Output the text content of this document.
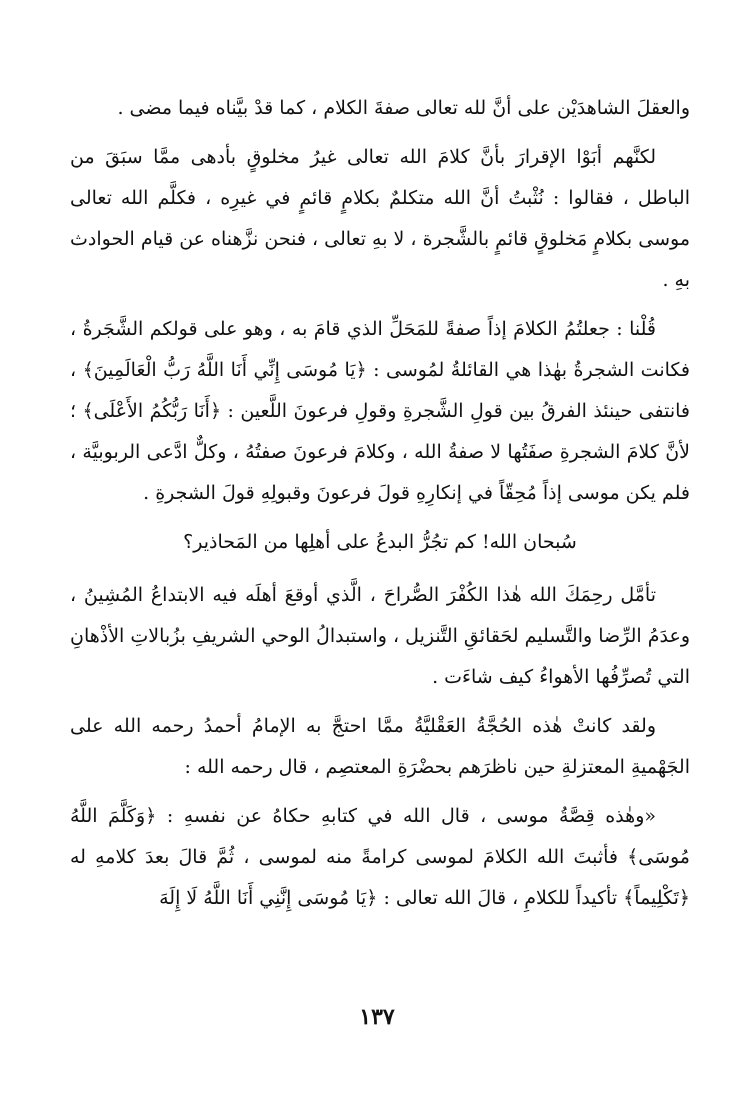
والعقلَ الشاهدَيْن على أنَّ لله تعالى صفةَ الكلام ، كما قدْ بيَّناه فيما مضى .

لكنَّهم أبَوْا الإقرارَ بأنَّ كلامَ الله تعالى غيرُ مخلوقٍ بأدهى ممَّا سبَقَ من الباطل ، فقالوا : نُثْبتُ أنَّ الله متكلمٌ بكلامٍ قائمٍ في غيرِه ، فكلَّم الله تعالى موسى بكلامٍ مَخلوقٍ قائمٍ بالشَّجرة ، لا بهِ تعالى ، فنحن نزَّهناه عن قيام الحوادث بهِ .

قُلْنا : جعلتُمُ الكلامَ إذاً صفةً للمَحَلِّ الذي قامَ به ، وهو على قولكم الشَّجَرةُ ، فكانت الشجرةُ بهٰذا هي القائلةُ لمُوسى : ﴿يَا مُوسَى إِنِّي أَنَا اللَّهُ رَبُّ الْعَالَمِينَ﴾ ، فانتفى حينئذ الفرقُ بين قولِ الشَّجرةِ وقولِ فرعونَ اللَّعين : ﴿أَنَا رَبُّكُمُ الأَعْلَى﴾ ؛ لأنَّ كلامَ الشجرةِ صفَتُها لا صفةُ الله ، وكلامَ فرعونَ صفتُهُ ، وكلٌّ ادَّعى الربوبيَّة ، فلم يكن موسى إذاً مُحِقّاً في إنكارِهِ قولَ فرعونَ وقبولِهِ قولَ الشجرةِ .

سُبحان الله! كم تجُرُّ البدعُ على أهلِها من المَحاذير؟

تأمَّل رحِمَكَ الله هٰذا الكُفْرَ الصُّراحَ ، الَّذي أوقعَ أهلَه فيه الابتداعُ المُشِينُ ، وعدَمُ الرِّضا والتَّسليم لحَقائقِ التَّنزيل ، واستبدالُ الوحي الشريفِ بزُبالاتِ الأذْهانِ التي تُصرِّفُها الأهواءُ كيف شاءَت .

ولقد كانتْ هٰذه الحُجَّةُ العَقْليَّةُ ممَّا احتجَّ به الإمامُ أحمدُ رحمه الله على الجَهْميةِ المعتزلةِ حين ناظرَهم بحضْرَةِ المعتصِم ، قال رحمه الله :

«وهٰذه قِصَّةُ موسى ، قال الله في كتابهِ حكاهُ عن نفسهِ : ﴿وَكَلَّمَ اللَّهُ مُوسَى﴾ فأثبتَ الله الكلامَ لموسى كرامةً منه لموسى ، ثُمَّ قالَ بعدَ كلامهِ له ﴿تَكْلِيماً﴾ تأكيداً للكلامِ ، قالَ الله تعالى : ﴿يَا مُوسَى إِنَّنِي أَنَا اللَّهُ لَا إِلَهَ

١٣٧
